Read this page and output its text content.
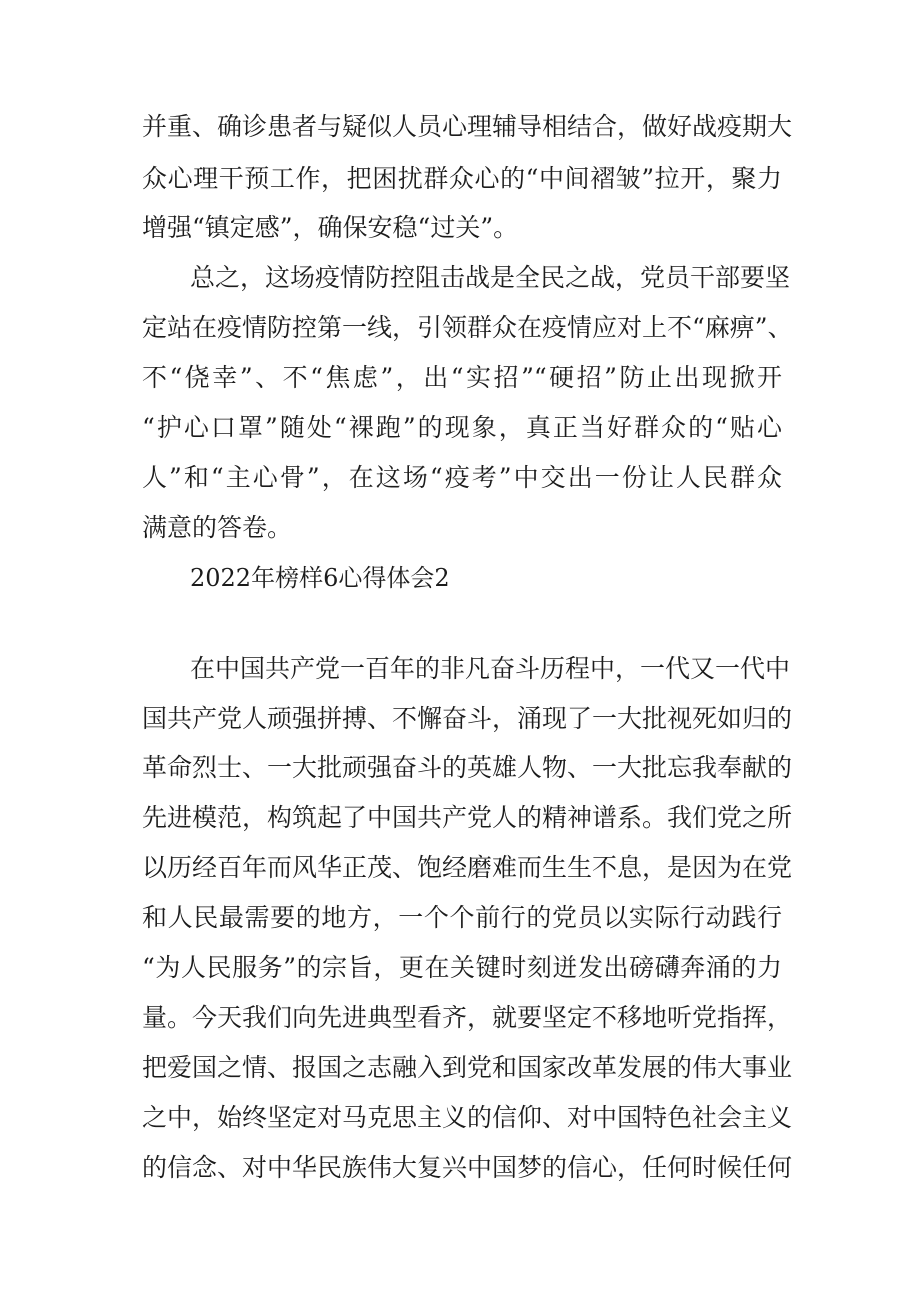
并重、确诊患者与疑似人员心理辅导相结合，做好战疫期大
众心理干预工作，把困扰群众心的“中间褶皱”拉开，聚力
增强“镇定感”，确保安稳“过关”。
总之，这场疫情防控阻击战是全民之战，党员干部要坚
定站在疫情防控第一线，引领群众在疫情应对上不“麻痹”、
不“侥幸”、不“焦虑”，出“实招”“硬招”防止出现掀开
“护心口罩”随处“裸跑”的现象，真正当好群众的“贴心
人”和“主心骨”，在这场“疫考”中交出一份让人民群众
满意的答卷。
2022年榜样6心得体会2
在中国共产党一百年的非凡奋斗历程中，一代又一代中
国共产党人顽强拼搏、不懈奋斗，涌现了一大批视死如归的
革命烈士、一大批顽强奋斗的英雄人物、一大批忘我奉献的
先进模范，构筑起了中国共产党人的精神谱系。我们党之所
以历经百年而风华正茂、饱经磨难而生生不息，是因为在党
和人民最需要的地方，一个个前行的党员以实际行动践行
“为人民服务”的宗旨，更在关键时刻迸发出磅礴奔涌的力
量。今天我们向先进典型看齐，就要坚定不移地听党指挥，
把爱国之情、报国之志融入到党和国家改革发展的伟大事业
之中，始终坚定对马克思主义的信仰、对中国特色社会主义
的信念、对中华民族伟大复兴中国梦的信心，任何时候任何
